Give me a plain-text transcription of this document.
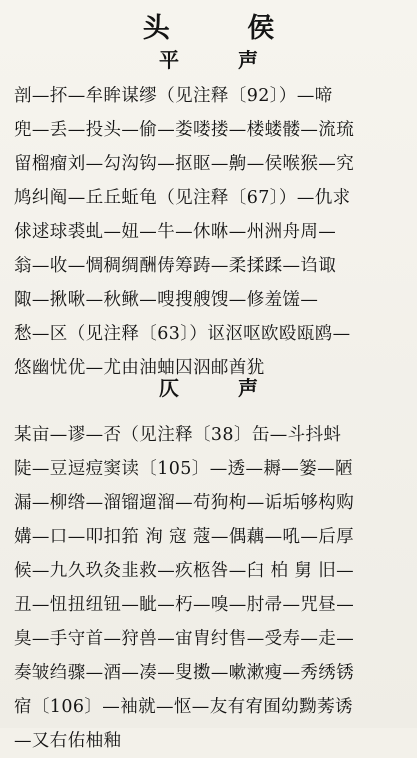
头 侯
平 声
剖—抔—牟眸谋缪（见注释〔92〕）—啼
兜—丢—投头—偷—娄喽搂—楼蝼髅—流琉
留榴瘤刘—勾沟钩—抠眍—齁—侯喉猴—究
鸠纠阄—丘丘蚯龟（见注释〔67〕）—仇求
俅逑球裘虬—妞—牛—休咻—州洲舟周—
翁—收—惆稠绸酬俦筹踌—柔揉蹂—诌诹
陬—揪啾—秋鳅—嗖搜艘馊—修羞馐—
愁—区（见注释〔63〕）讴沤呕欧殴瓯鸥—
悠幽忧优—尤由油蚰囚泅邮酋犹
仄 声
某亩—谬—否（见注释〔38〕缶—斗抖蚪
陡—豆逗痘窦读〔105〕—透—耨—篓—陋
漏—柳绺—溜镏遛溜—苟狗枸—诟垢够构购
媾—口—叩扣筘 洵 寇 蔻—偶藕—吼—后厚
候—九久玖灸韭救—疚柩咎—臼 柏 舅 旧—
丑—忸扭纽钮—眦—朽—嗅—肘帚—咒昼—
臭—手守首—狩兽—宙胄纣售—受寿—走—
奏皱绉骤—酒—凑—叟擞—嗽漱瘦—秀绣锈
宿〔106〕—袖就—怄—友有宥囿幼黝莠诱
—又右佑柚釉
